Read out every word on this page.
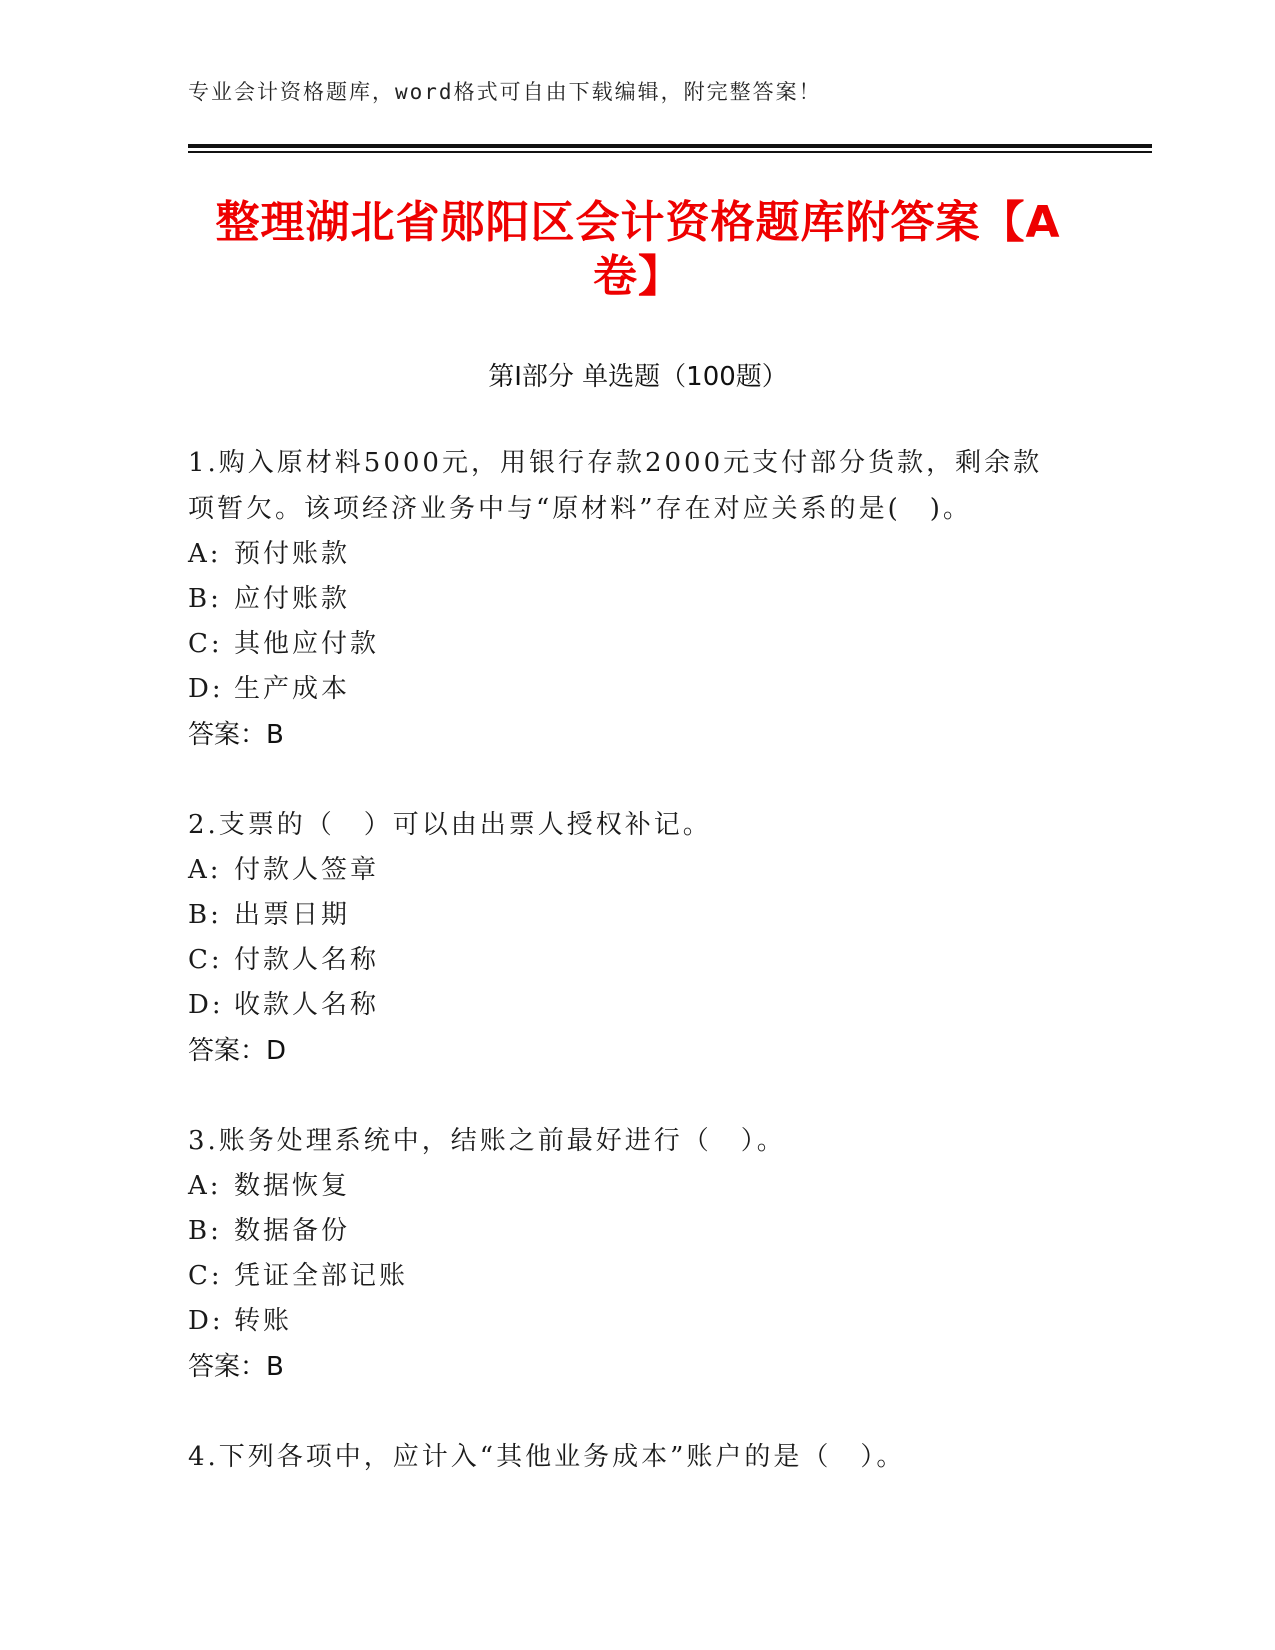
专业会计资格题库，word格式可自由下载编辑，附完整答案！
整理湖北省郧阳区会计资格题库附答案【A卷】
第Ⅰ部分 单选题（100题）

1.购入原材料5000元，用银行存款2000元支付部分货款，剩余款项暂欠。该项经济业务中与“原材料”存在对应关系的是(　)。

A: 预付账款
B: 应付账款
C: 其他应付款
D: 生产成本
答案：B

2.支票的（　）可以由出票人授权补记。

A: 付款人签章
B: 出票日期
C: 付款人名称
D: 收款人名称
答案：D

3.账务处理系统中，结账之前最好进行（　）。

A: 数据恢复
B: 数据备份
C: 凭证全部记账
D: 转账
答案：B

4.下列各项中，应计入“其他业务成本”账户的是（　）。
